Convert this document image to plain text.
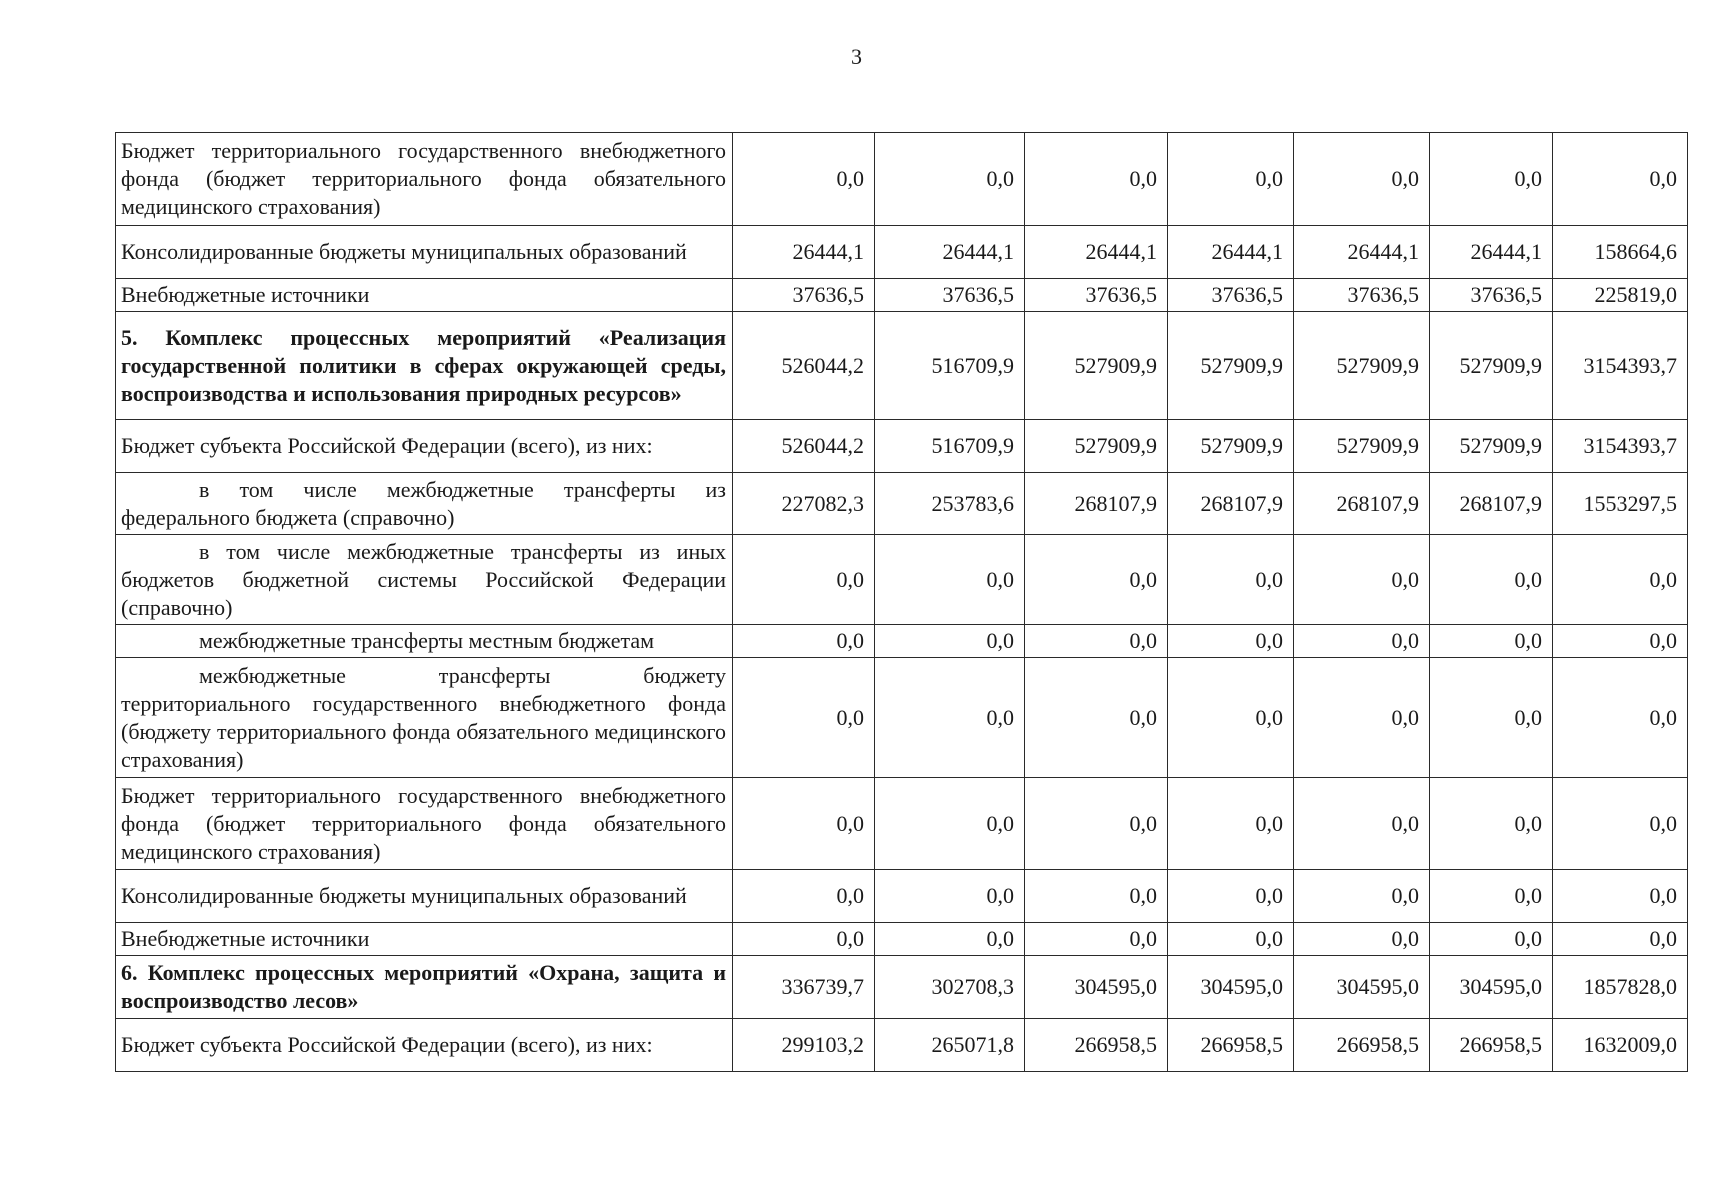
3
Бюджет территориального государственного внебюджетного фонда (бюджет территориального фонда обязательного медицинского страхования)	0,0	0,0	0,0	0,0	0,0	0,0	0,0
Консолидированные бюджеты муниципальных образований	26444,1	26444,1	26444,1	26444,1	26444,1	26444,1	158664,6
Внебюджетные источники	37636,5	37636,5	37636,5	37636,5	37636,5	37636,5	225819,0
5. Комплекс процессных мероприятий «Реализация государственной политики в сферах окружающей среды, воспроизводства и использования природных ресурсов»	526044,2	516709,9	527909,9	527909,9	527909,9	527909,9	3154393,7
Бюджет субъекта Российской Федерации (всего), из них:	526044,2	516709,9	527909,9	527909,9	527909,9	527909,9	3154393,7
в том числе межбюджетные трансферты из федерального бюджета (справочно)	227082,3	253783,6	268107,9	268107,9	268107,9	268107,9	1553297,5
в том числе межбюджетные трансферты из иных бюджетов бюджетной системы Российской Федерации (справочно)	0,0	0,0	0,0	0,0	0,0	0,0	0,0
межбюджетные трансферты местным бюджетам	0,0	0,0	0,0	0,0	0,0	0,0	0,0
межбюджетные трансферты бюджету территориального государственного внебюджетного фонда (бюджету территориального фонда обязательного медицинского страхования)	0,0	0,0	0,0	0,0	0,0	0,0	0,0
Бюджет территориального государственного внебюджетного фонда (бюджет территориального фонда обязательного медицинского страхования)	0,0	0,0	0,0	0,0	0,0	0,0	0,0
Консолидированные бюджеты муниципальных образований	0,0	0,0	0,0	0,0	0,0	0,0	0,0
Внебюджетные источники	0,0	0,0	0,0	0,0	0,0	0,0	0,0
6. Комплекс процессных мероприятий «Охрана, защита и воспроизводство лесов»	336739,7	302708,3	304595,0	304595,0	304595,0	304595,0	1857828,0
Бюджет субъекта Российской Федерации (всего), из них:	299103,2	265071,8	266958,5	266958,5	266958,5	266958,5	1632009,0
